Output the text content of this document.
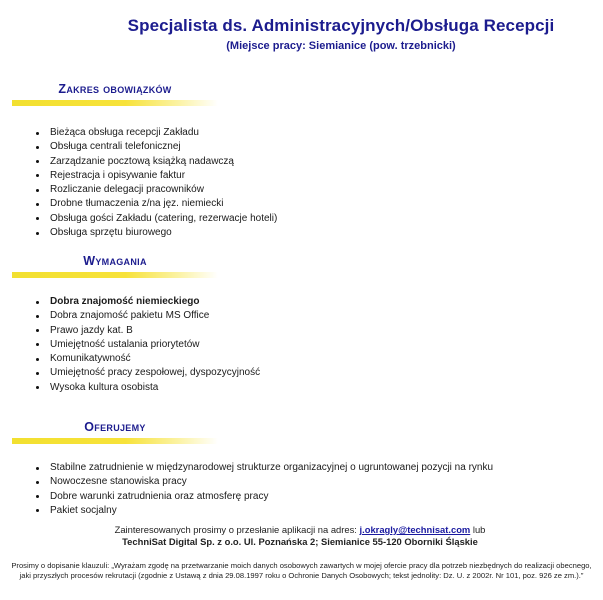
Specjalista ds. Administracyjnych/Obsługa Recepcji
(Miejsce pracy: Siemianice (pow. trzebnicki)
Zakres obowiązków
Bieżąca obsługa recepcji Zakładu
Obsługa centrali telefonicznej
Zarządzanie pocztową książką nadawczą
Rejestracja i opisywanie faktur
Rozliczanie delegacji pracowników
Drobne tłumaczenia z/na jęz. niemiecki
Obsługa gości Zakładu (catering, rezerwacje hoteli)
Obsługa sprzętu biurowego
Wymagania
Dobra znajomość niemieckiego
Dobra znajomość pakietu MS Office
Prawo jazdy kat. B
Umiejętność ustalania priorytetów
Komunikatywność
Umiejętność pracy zespołowej, dyspozycyjność
Wysoka kultura osobista
Oferujemy
Stabilne zatrudnienie w międzynarodowej strukturze organizacyjnej o ugruntowanej pozycji na rynku
Nowoczesne stanowiska pracy
Dobre warunki zatrudnienia oraz atmosferę pracy
Pakiet socjalny
Zainteresowanych prosimy o przesłanie aplikacji na adres: j.okragly@technisat.com lub
TechniSat Digital Sp. z o.o. Ul. Poznańska 2; Siemianice 55-120 Oborniki Śląskie
Prosimy o dopisanie klauzuli: „Wyrażam zgodę na przetwarzanie moich danych osobowych zawartych w mojej ofercie pracy dla potrzeb niezbędnych do realizacji obecnego, jaki przyszłych procesów rekrutacji (zgodnie z Ustawą z dnia 29.08.1997 roku o Ochronie Danych Osobowych; tekst jednolity: Dz. U. z 2002r. Nr 101, poz. 926 ze zm.).”
